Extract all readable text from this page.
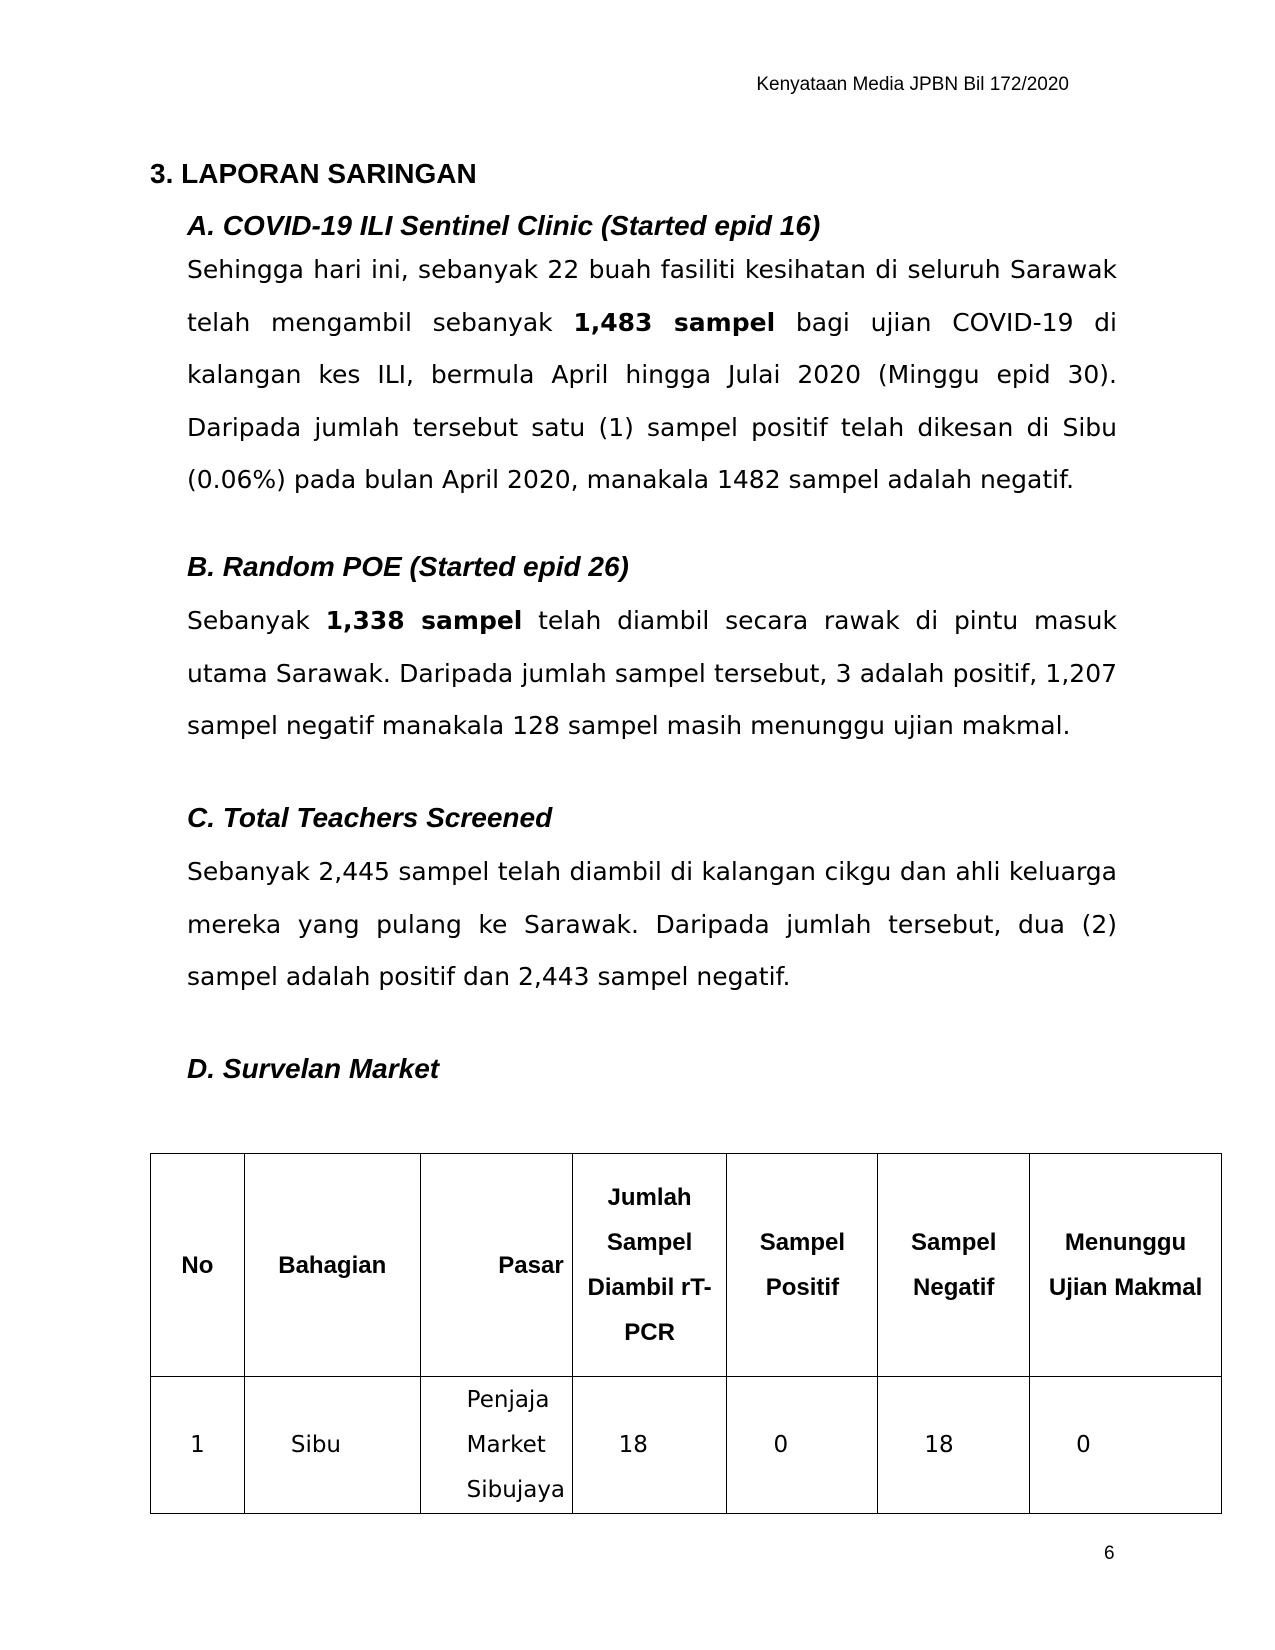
Kenyataan Media JPBN Bil 172/2020
3. LAPORAN SARINGAN
A. COVID-19 ILI Sentinel Clinic (Started epid 16)
Sehingga hari ini, sebanyak 22 buah fasiliti kesihatan di seluruh Sarawak
telah mengambil sebanyak 1,483 sampel bagi ujian COVID-19 di
kalangan kes ILI, bermula April hingga Julai 2020 (Minggu epid 30).
Daripada jumlah tersebut satu (1) sampel positif telah dikesan di Sibu
(0.06%) pada bulan April 2020, manakala 1482 sampel adalah negatif.
B. Random POE (Started epid 26)
Sebanyak 1,338 sampel telah diambil secara rawak di pintu masuk
utama Sarawak. Daripada jumlah sampel tersebut, 3 adalah positif, 1,207
sampel negatif manakala 128 sampel masih menunggu ujian makmal.
C. Total Teachers Screened
Sebanyak 2,445 sampel telah diambil di kalangan cikgu dan ahli keluarga
mereka yang pulang ke Sarawak. Daripada jumlah tersebut, dua (2)
sampel adalah positif dan 2,443 sampel negatif.
D. Survelan Market
No	Bahagian	Pasar	Jumlah Sampel Diambil rT-PCR	Sampel Positif	Sampel Negatif	Menunggu Ujian Makmal
1	Sibu	Penjaja Market Sibujaya	18	0	18	0
6
